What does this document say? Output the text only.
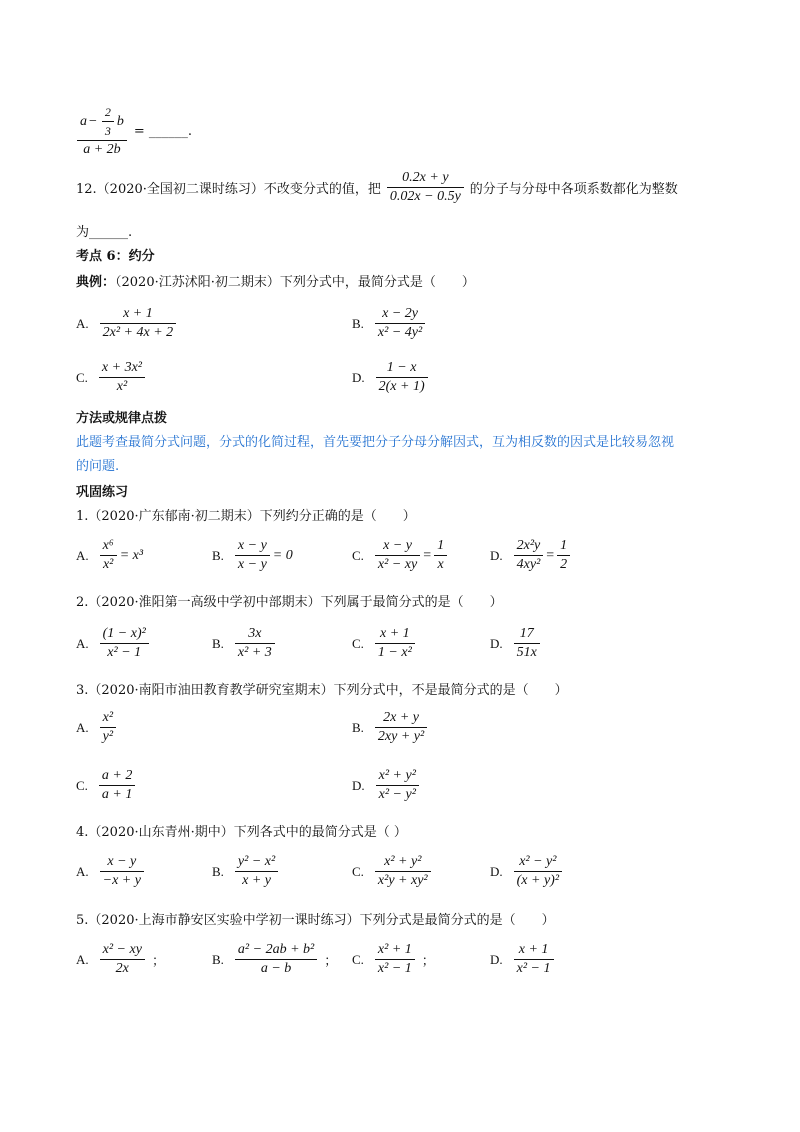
$\frac{a - \frac{2}{3} b}{a + 2b}$ = ______.
12.（2020·全国初二课时练习）不改变分式的值，把 $\frac{0.2x + y}{0.02x - 0.5y}$ 的分子与分母中各项系数都化为整数
为______.
考点 6：约分
典例：（2020·江苏沭阳·初二期末）下列分式中，最简分式是（　　）
A. $\frac{x + 1}{\text{2x² + 4x + 2}}$	B. $\frac{x - 2y}{\text{x² − 4y²}}$
C. $\frac{\text{x + 3x²}}{\text{x²}}$	D. $\frac{1 - x}{2(x + 1)}$
方法或规律点拨
此题考查最简分式问题，分式的化简过程，首先要把分子分母分解因式，互为相反数的因式是比较易忽视
的问题.
巩固练习
1.（2020·广东郁南·初二期末）下列约分正确的是（　　）
A. $\frac{\text{x⁶}}{\text{x²}} = x^3$	B. $\frac{x - y}{x - y} = 0$	C. $\frac{x - y}{\text{x² − xy}} = \frac{1}{x}$	D. $\frac{\text{2x²y}}{\text{4xy²}} = \frac{1}{2}$
2.（2020·淮阳第一高级中学初中部期末）下列属于最简分式的是（　　）
A. $\frac{\text{(1 − x)²}}{\text{x² − 1}}$	B. $\frac{3x}{\text{x² + 3}}$	C. $\frac{x + 1}{\text{1 − x²}}$	D. $\frac{17}{51x}$
3.（2020·南阳市油田教育教学研究室期末）下列分式中，不是最简分式的是（　　）
A. $\frac{\text{x²}}{\text{y²}}$	B. $\frac{2x + y}{\text{2xy + y²}}$
C. $\frac{a + 2}{a + 1}$	D. $\frac{\text{x² + y²}}{\text{x² − y²}}$
4.（2020·山东青州·期中）下列各式中的最简分式是（ ）
A. $\frac{x - y}{-x + y}$	B. $\frac{\text{y² − x²}}{x + y}$	C. $\frac{\text{x² + y²}}{\text{x²y + xy²}}$	D. $\frac{\text{x² − y²}}{\text{(x + y)²}}$
5.（2020·上海市静安区实验中学初一课时练习）下列分式是最简分式的是（　　）
A. $\frac{\text{x² − xy}}{2x}$ ；	B. $\frac{\text{a² − 2ab + b²}}{a - b}$ ； C. $\frac{\text{x² + 1}}{\text{x² − 1}}$ ；	D. $\frac{x + 1}{\text{x² − 1}}$
